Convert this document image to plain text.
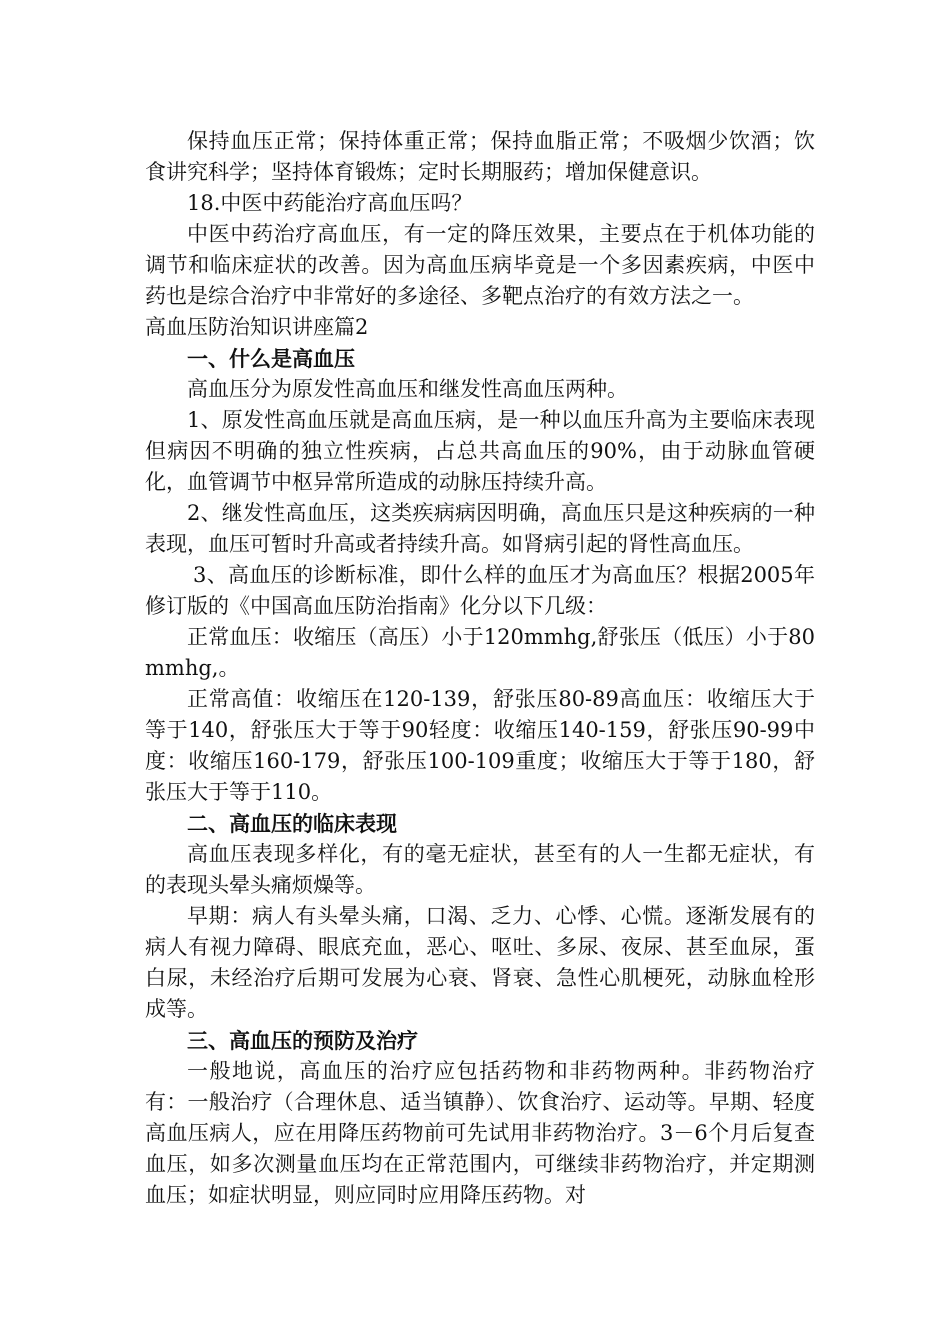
保持血压正常；保持体重正常；保持血脂正常；不吸烟少饮酒；饮食讲究科学；坚持体育锻炼；定时长期服药；增加保健意识。

18.中医中药能治疗高血压吗？

中医中药治疗高血压，有一定的降压效果，主要点在于机体功能的调节和临床症状的改善。因为高血压病毕竟是一个多因素疾病，中医中药也是综合治疗中非常好的多途径、多靶点治疗的有效方法之一。

高血压防治知识讲座篇2

一、什么是高血压

高血压分为原发性高血压和继发性高血压两种。

1、原发性高血压就是高血压病，是一种以血压升高为主要临床表现但病因不明确的独立性疾病，占总共高血压的90%，由于动脉血管硬化，血管调节中枢异常所造成的动脉压持续升高。

2、继发性高血压，这类疾病病因明确，高血压只是这种疾病的一种表现，血压可暂时升高或者持续升高。如肾病引起的肾性高血压。

3、高血压的诊断标准，即什么样的血压才为高血压？根据2005年修订版的《中国高血压防治指南》化分以下几级：

正常血压：收缩压（高压）小于120mmhg,舒张压（低压）小于80mmhg,。

正常高值：收缩压在120-139，舒张压80-89高血压：收缩压大于等于140，舒张压大于等于90轻度：收缩压140-159，舒张压90-99中度：收缩压160-179，舒张压100-109重度；收缩压大于等于180，舒张压大于等于110。

二、高血压的临床表现

高血压表现多样化，有的毫无症状，甚至有的人一生都无症状，有的表现头晕头痛烦燥等。

早期：病人有头晕头痛，口渴、乏力、心悸、心慌。逐渐发展有的病人有视力障碍、眼底充血，恶心、呕吐、多尿、夜尿、甚至血尿，蛋白尿，未经治疗后期可发展为心衰、肾衰、急性心肌梗死，动脉血栓形成等。

三、高血压的预防及治疗

一般地说，高血压的治疗应包括药物和非药物两种。非药物治疗有：一般治疗（合理休息、适当镇静）、饮食治疗、运动等。早期、轻度高血压病人，应在用降压药物前可先试用非药物治疗。3－6个月后复查血压，如多次测量血压均在正常范围内，可继续非药物治疗，并定期测血压；如症状明显，则应同时应用降压药物。对
